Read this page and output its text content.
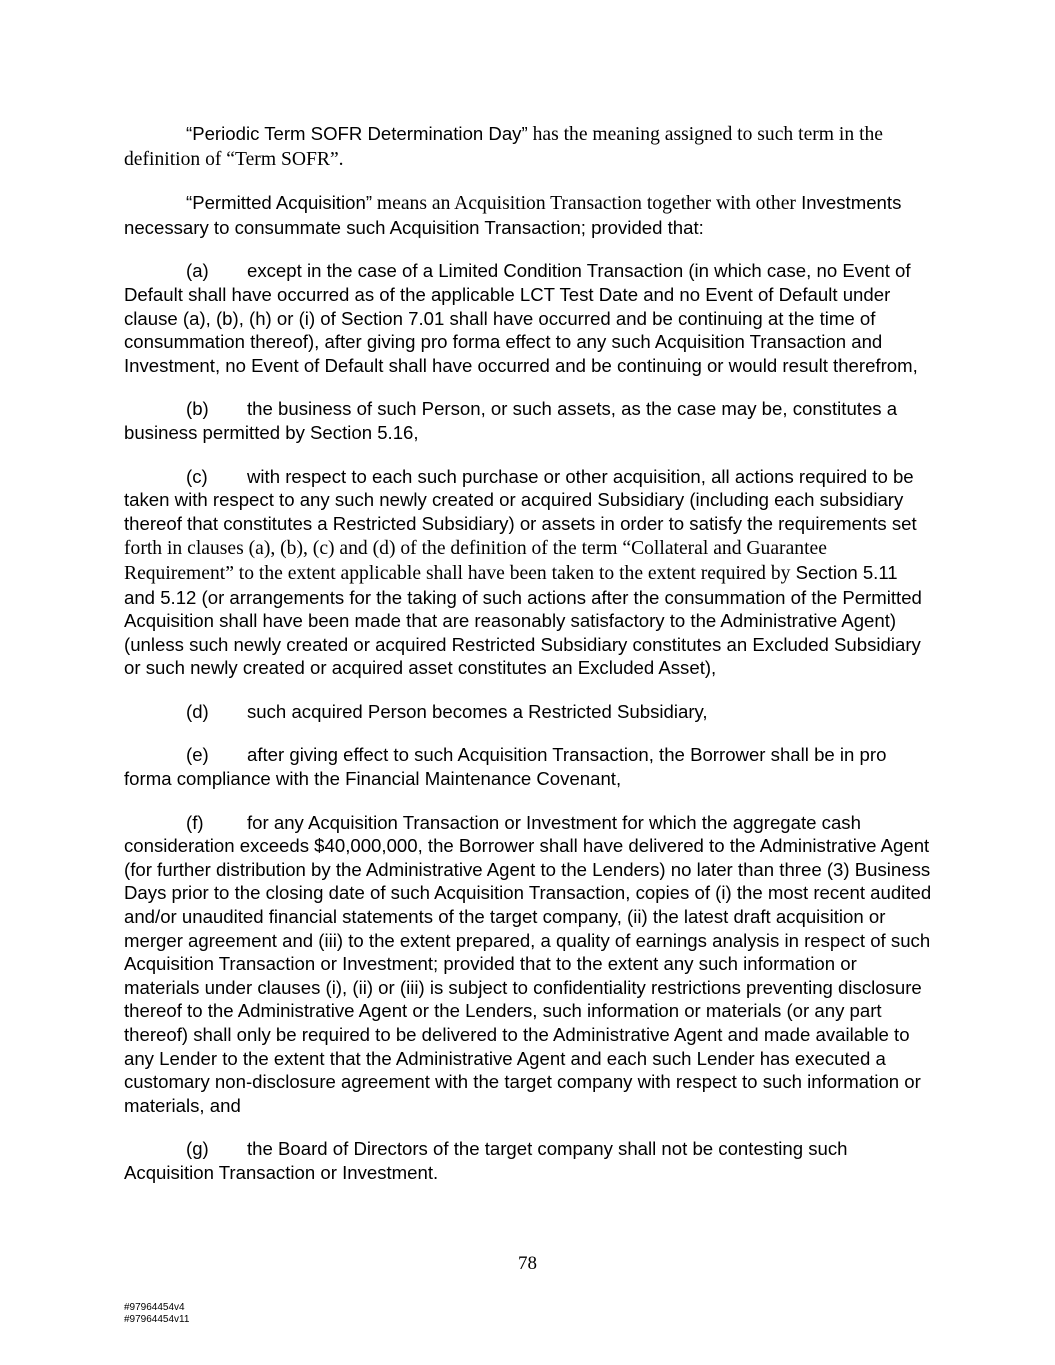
“Periodic Term SOFR Determination Day” has the meaning assigned to such term in the definition of “Term SOFR”.

“Permitted Acquisition” means an Acquisition Transaction together with other Investments necessary to consummate such Acquisition Transaction; provided that:

(a) except in the case of a Limited Condition Transaction (in which case, no Event of Default shall have occurred as of the applicable LCT Test Date and no Event of Default under clause (a), (b), (h) or (i) of Section 7.01 shall have occurred and be continuing at the time of consummation thereof), after giving pro forma effect to any such Acquisition Transaction and Investment, no Event of Default shall have occurred and be continuing or would result therefrom,

(b) the business of such Person, or such assets, as the case may be, constitutes a business permitted by Section 5.16,

(c) with respect to each such purchase or other acquisition, all actions required to be taken with respect to any such newly created or acquired Subsidiary (including each subsidiary thereof that constitutes a Restricted Subsidiary) or assets in order to satisfy the requirements set forth in clauses (a), (b), (c) and (d) of the definition of the term “Collateral and Guarantee Requirement” to the extent applicable shall have been taken to the extent required by Section 5.11 and 5.12 (or arrangements for the taking of such actions after the consummation of the Permitted Acquisition shall have been made that are reasonably satisfactory to the Administrative Agent) (unless such newly created or acquired Restricted Subsidiary constitutes an Excluded Subsidiary or such newly created or acquired asset constitutes an Excluded Asset),

(d) such acquired Person becomes a Restricted Subsidiary,

(e) after giving effect to such Acquisition Transaction, the Borrower shall be in pro forma compliance with the Financial Maintenance Covenant,

(f) for any Acquisition Transaction or Investment for which the aggregate cash consideration exceeds $40,000,000, the Borrower shall have delivered to the Administrative Agent (for further distribution by the Administrative Agent to the Lenders) no later than three (3) Business Days prior to the closing date of such Acquisition Transaction, copies of (i) the most recent audited and/or unaudited financial statements of the target company, (ii) the latest draft acquisition or merger agreement and (iii) to the extent prepared, a quality of earnings analysis in respect of such Acquisition Transaction or Investment; provided that to the extent any such information or materials under clauses (i), (ii) or (iii) is subject to confidentiality restrictions preventing disclosure thereof to the Administrative Agent or the Lenders, such information or materials (or any part thereof) shall only be required to be delivered to the Administrative Agent and made available to any Lender to the extent that the Administrative Agent and each such Lender has executed a customary non-disclosure agreement with the target company with respect to such information or materials, and

(g) the Board of Directors of the target company shall not be contesting such Acquisition Transaction or Investment.

78
#97964454v4
#97964454v11
